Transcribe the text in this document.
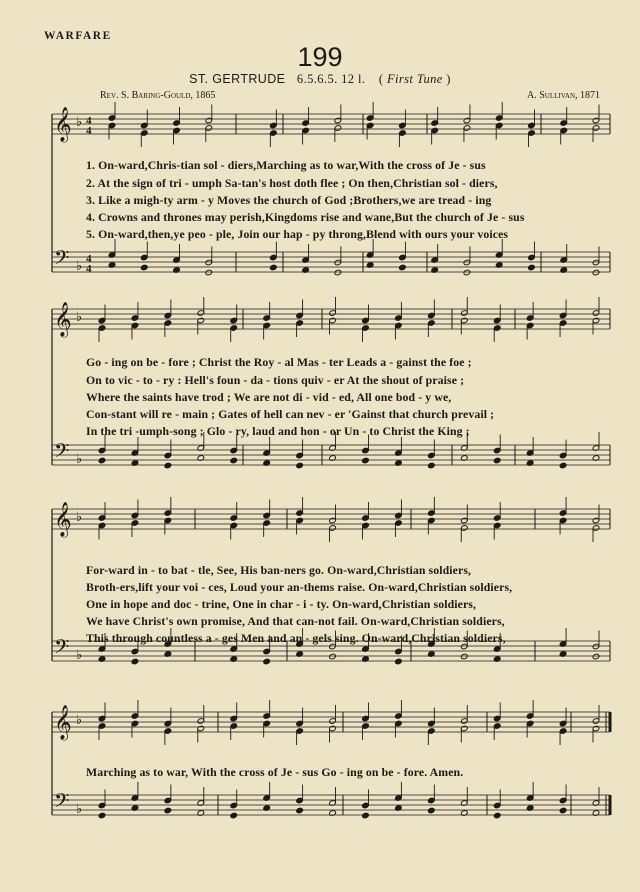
WARFARE
199
ST. GERTRUDE 6.5.6.5. 12 l. ( First Tune )
Rev. S. Baring-Gould, 1865	A. Sullivan, 1871
𝄞
𝄢
♭
♭
4
4
4
4
𝄞
𝄢
♭
♭
𝄞
𝄢
♭
♭
𝄞
𝄢
♭
♭
1. On-ward,Chris-tian sol - diers,Marching as to war,With the cross of Je - sus
2. At the sign of tri - umph Sa-tan's host doth flee ; On then,Christian sol - diers,
3. Like a migh-ty arm - y Moves the church of God ;Brothers,we are tread - ing
4. Crowns and thrones may perish,Kingdoms rise and wane,But the church of Je - sus
5. On-ward,then,ye peo - ple, Join our hap - py throng,Blend with ours your voices
Go - ing on be - fore ; Christ the Roy - al Mas - ter Leads a - gainst the foe ;
On to vic - to - ry : Hell's foun - da - tions quiv - er At the shout of praise ;
Where the saints have trod ; We are not di - vid - ed, All one bod - y we,
Con-stant will re - main ; Gates of hell can nev - er 'Gainst that church prevail ;
In the tri -umph-song ; Glo - ry, laud and hon - or Un - to Christ the King ;
For-ward in - to bat - tle, See, His ban-ners go. On-ward,Christian soldiers,
Broth-ers,lift your voi - ces, Loud your an-thems raise. On-ward,Christian soldiers,
One in hope and doc - trine, One in char - i - ty. On-ward,Christian soldiers,
We have Christ's own promise, And that can-not fail. On-ward,Christian soldiers,
This through countless a - ges Men and an - gels sing. On-ward,Christian soldiers,
Marching as to war, With the cross of Je - sus Go - ing on be - fore. Amen.
